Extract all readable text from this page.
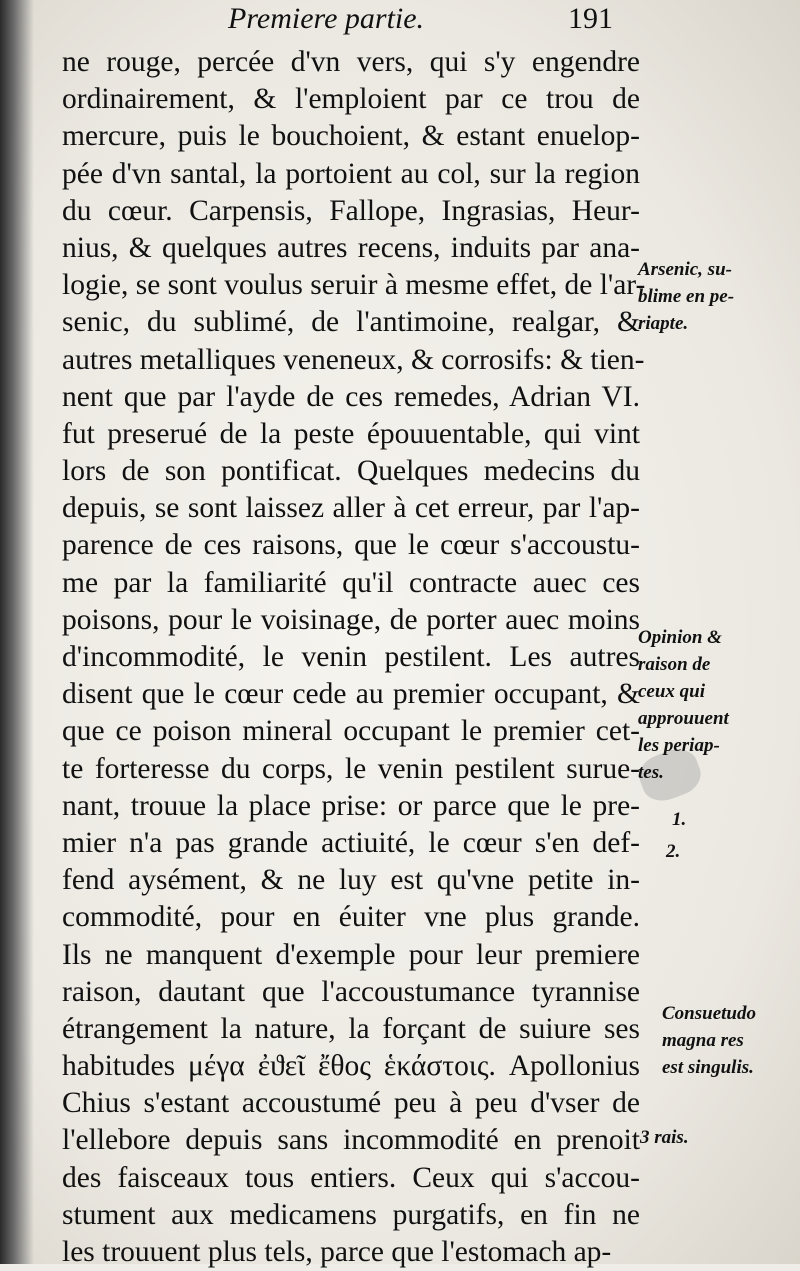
Premiere partie.	191
ne rouge, percée d'vn vers, qui s'y engendre
ordinairement, & l'emploient par ce trou de
mercure, puis le bouchoient, & estant enuelop-
pée d'vn santal, la portoient au col, sur la region
du cœur. Carpensis, Fallope, Ingrasias, Heur-
nius, & quelques autres recens, induits par ana-
logie, se sont voulus seruir à mesme effet, de l'ar-
senic, du sublimé, de l'antimoine, realgar, &
autres metalliques veneneux, & corrosifs: & tien-
nent que par l'ayde de ces remedes, Adrian VI.
fut preserué de la peste épouuentable, qui vint
lors de son pontificat. Quelques medecins du
depuis, se sont laissez aller à cet erreur, par l'ap-
parence de ces raisons, que le cœur s'accoustu-
me par la familiarité qu'il contracte auec ces
poisons, pour le voisinage, de porter auec moins
d'incommodité, le venin pestilent. Les autres
disent que le cœur cede au premier occupant, &
que ce poison mineral occupant le premier cet-
te forteresse du corps, le venin pestilent surue-
nant, trouue la place prise: or parce que le pre-
mier n'a pas grande actiuité, le cœur s'en def-
fend aysément, & ne luy est qu'vne petite in-
commodité, pour en éuiter vne plus grande.
Ils ne manquent d'exemple pour leur premiere
raison, dautant que l'accoustumance tyrannise
étrangement la nature, la forçant de suiure ses
habitudes μέγα ἐϑεῖ ἔθος ἑκάστοις. Apollonius
Chius s'estant accoustumé peu à peu d'vser de
l'ellebore depuis sans incommodité en prenoit
des faisceaux tous entiers. Ceux qui s'accou-
stument aux medicamens purgatifs, en fin ne
les trouuent plus tels, parce que l'estomach ap-
Arsenic, su-
blime en pe-
riapte.
Opinion &
raison de
ceux qui
approuuent
les periap-
tes.
1.
2.
Consuetudo
magna res
est singulis.
3 rais.
